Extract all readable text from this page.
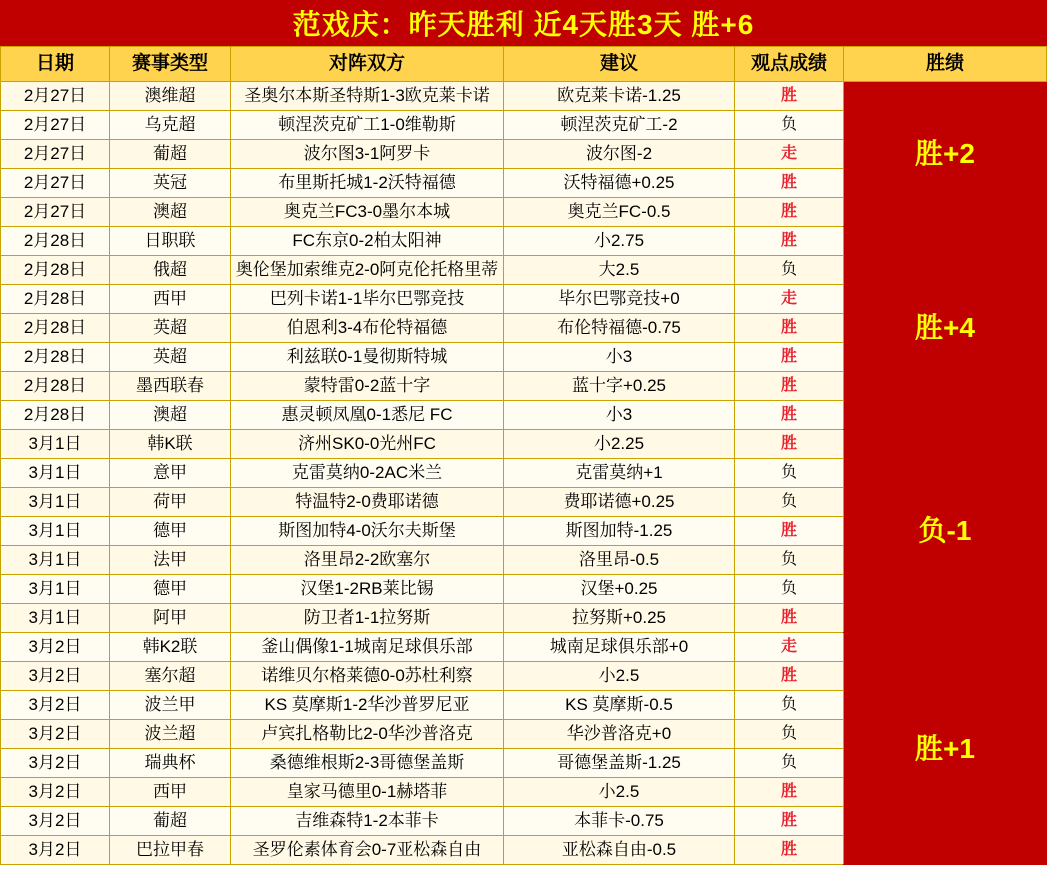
范戏庆：昨天胜利 近4天胜3天 胜+6
日期	赛事类型	对阵双方	建议	观点成绩	胜绩
2月27日	澳维超	圣奥尔本斯圣特斯1-3欧克莱卡诺	欧克莱卡诺-1.25	胜	胜+2
2月27日	乌克超	顿涅茨克矿工1-0维勒斯	顿涅茨克矿工-2	负	
2月27日	葡超	波尔图3-1阿罗卡	波尔图-2	走	
2月27日	英冠	布里斯托城1-2沃特福德	沃特福德+0.25	胜	
2月27日	澳超	奥克兰FC3-0墨尔本城	奥克兰FC-0.5	胜	
2月28日	日职联	FC东京0-2柏太阳神	小2.75	胜	胜+4
2月28日	俄超	奥伦堡加索维克2-0阿克伦托格里蒂	大2.5	负	
2月28日	西甲	巴列卡诺1-1毕尔巴鄂竞技	毕尔巴鄂竞技+0	走	
2月28日	英超	伯恩利3-4布伦特福德	布伦特福德-0.75	胜	
2月28日	英超	利兹联0-1曼彻斯特城	小3	胜	
2月28日	墨西联春	蒙特雷0-2蓝十字	蓝十字+0.25	胜	
2月28日	澳超	惠灵顿凤凰0-1悉尼 FC	小3	胜	
3月1日	韩K联	济州SK0-0光州FC	小2.25	胜	负-1
3月1日	意甲	克雷莫纳0-2AC米兰	克雷莫纳+1	负	
3月1日	荷甲	特温特2-0费耶诺德	费耶诺德+0.25	负	
3月1日	德甲	斯图加特4-0沃尔夫斯堡	斯图加特-1.25	胜	
3月1日	法甲	洛里昂2-2欧塞尔	洛里昂-0.5	负	
3月1日	德甲	汉堡1-2RB莱比锡	汉堡+0.25	负	
3月1日	阿甲	防卫者1-1拉努斯	拉努斯+0.25	胜	
3月2日	韩K2联	釜山偶像1-1城南足球俱乐部	城南足球俱乐部+0	走	胜+1
3月2日	塞尔超	诺维贝尔格莱德0-0苏杜利察	小2.5	胜	
3月2日	波兰甲	KS 莫摩斯1-2华沙普罗尼亚	KS 莫摩斯-0.5	负	
3月2日	波兰超	卢宾扎格勒比2-0华沙普洛克	华沙普洛克+0	负	
3月2日	瑞典杯	桑德维根斯2-3哥德堡盖斯	哥德堡盖斯-1.25	负	
3月2日	西甲	皇家马德里0-1赫塔菲	小2.5	胜	
3月2日	葡超	吉维森特1-2本菲卡	本菲卡-0.75	胜	
3月2日	巴拉甲春	圣罗伦素体育会0-7亚松森自由	亚松森自由-0.5	胜	
